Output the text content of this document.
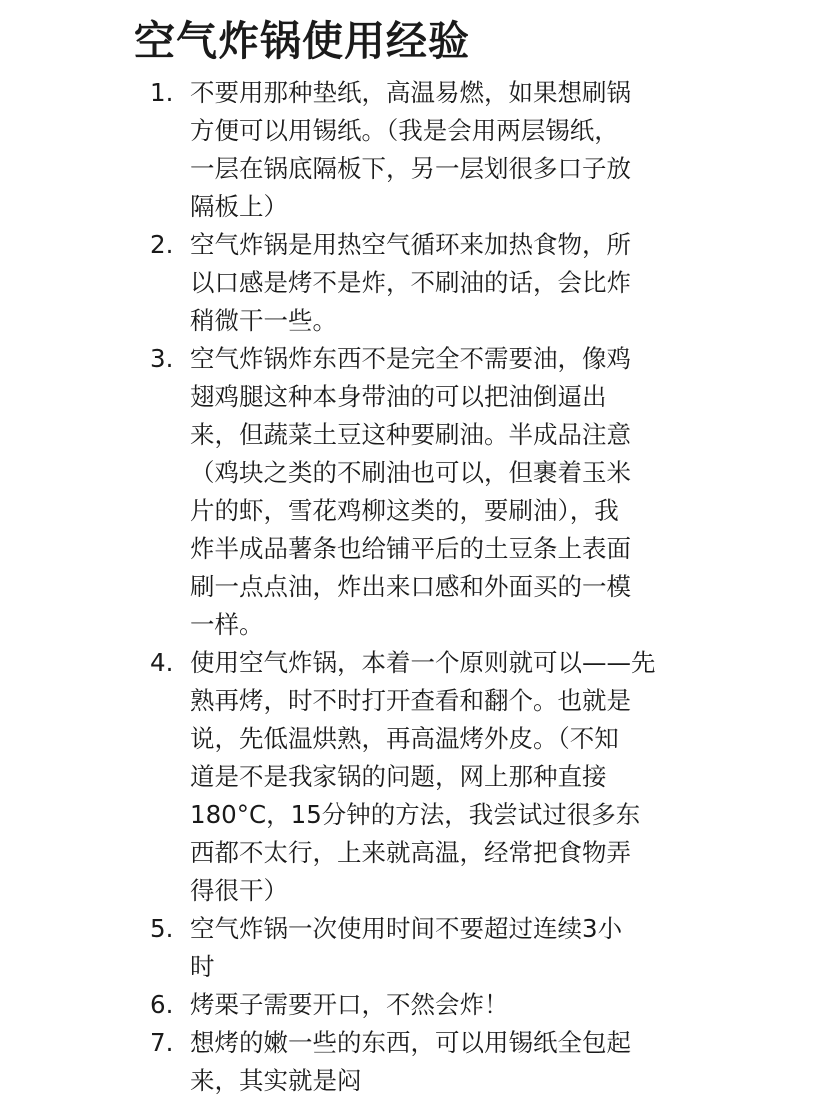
空气炸锅使用经验
1. 不要用那种垫纸，高温易燃，如果想刷锅
方便可以用锡纸。（我是会用两层锡纸，
一层在锅底隔板下，另一层划很多口子放
隔板上）
2. 空气炸锅是用热空气循环来加热食物，所
以口感是烤不是炸，不刷油的话，会比炸
稍微干一些。
3. 空气炸锅炸东西不是完全不需要油，像鸡
翅鸡腿这种本身带油的可以把油倒逼出
来，但蔬菜土豆这种要刷油。半成品注意
（鸡块之类的不刷油也可以，但裹着玉米
片的虾，雪花鸡柳这类的，要刷油），我
炸半成品薯条也给铺平后的土豆条上表面
刷一点点油，炸出来口感和外面买的一模
一样。
4. 使用空气炸锅，本着一个原则就可以——先
熟再烤，时不时打开查看和翻个。也就是
说，先低温烘熟，再高温烤外皮。（不知
道是不是我家锅的问题，网上那种直接
180°C，15分钟的方法，我尝试过很多东
西都不太行，上来就高温，经常把食物弄
得很干）
5. 空气炸锅一次使用时间不要超过连续3小
时
6. 烤栗子需要开口，不然会炸！
7. 想烤的嫩一些的东西，可以用锡纸全包起
来，其实就是闷
